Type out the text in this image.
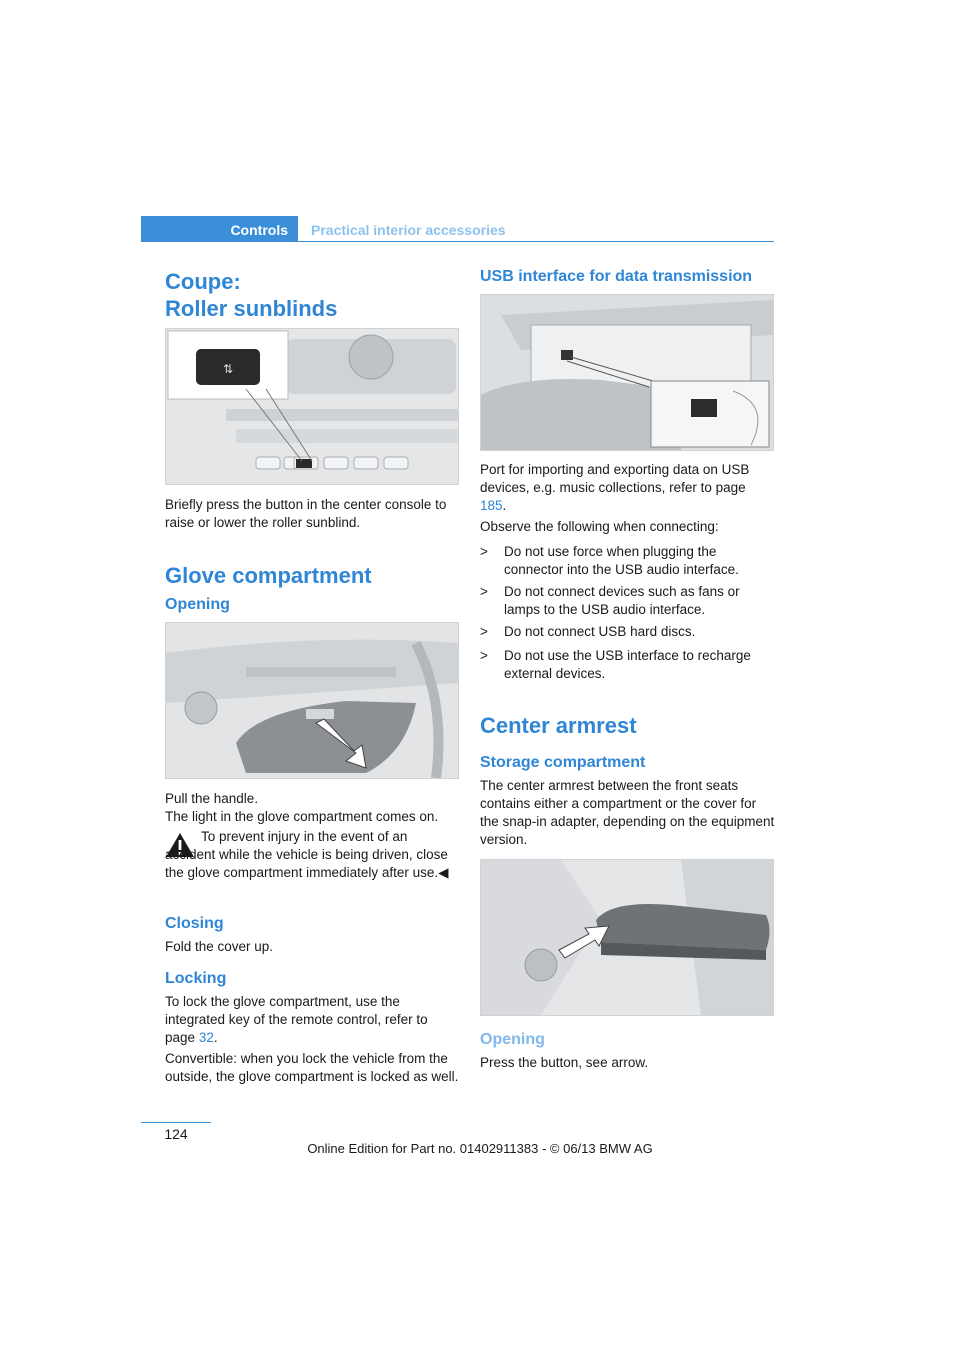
Controls	Practical interior accessories
Coupe:
Roller sunblinds
⇅

Briefly press the button in the center console to raise or lower the roller sunblind.

Glove compartment
Opening

Pull the handle.

The light in the glove compartment comes on.

To prevent injury in the event of an accident while the vehicle is being driven, close the glove compartment immediately after use.◀

Closing

Fold the cover up.

Locking

To lock the glove compartment, use the integrated key of the remote control, refer to page 32.

Convertible: when you lock the vehicle from the outside, the glove compartment is locked as well.

USB interface for data transmission

Port for importing and exporting data on USB devices, e.g. music collections, refer to page 185.

Observe the following when connecting:

> Do not use force when plugging the connector into the USB audio interface.
> Do not connect devices such as fans or lamps to the USB audio interface.
> Do not connect USB hard discs.
> Do not use the USB interface to recharge external devices.
Center armrest
Storage compartment

The center armrest between the front seats contains either a compartment or the cover for the snap-in adapter, depending on the equipment version.

Opening

Press the button, see arrow.

124
Online Edition for Part no. 01402911383 - © 06/13 BMW AG
